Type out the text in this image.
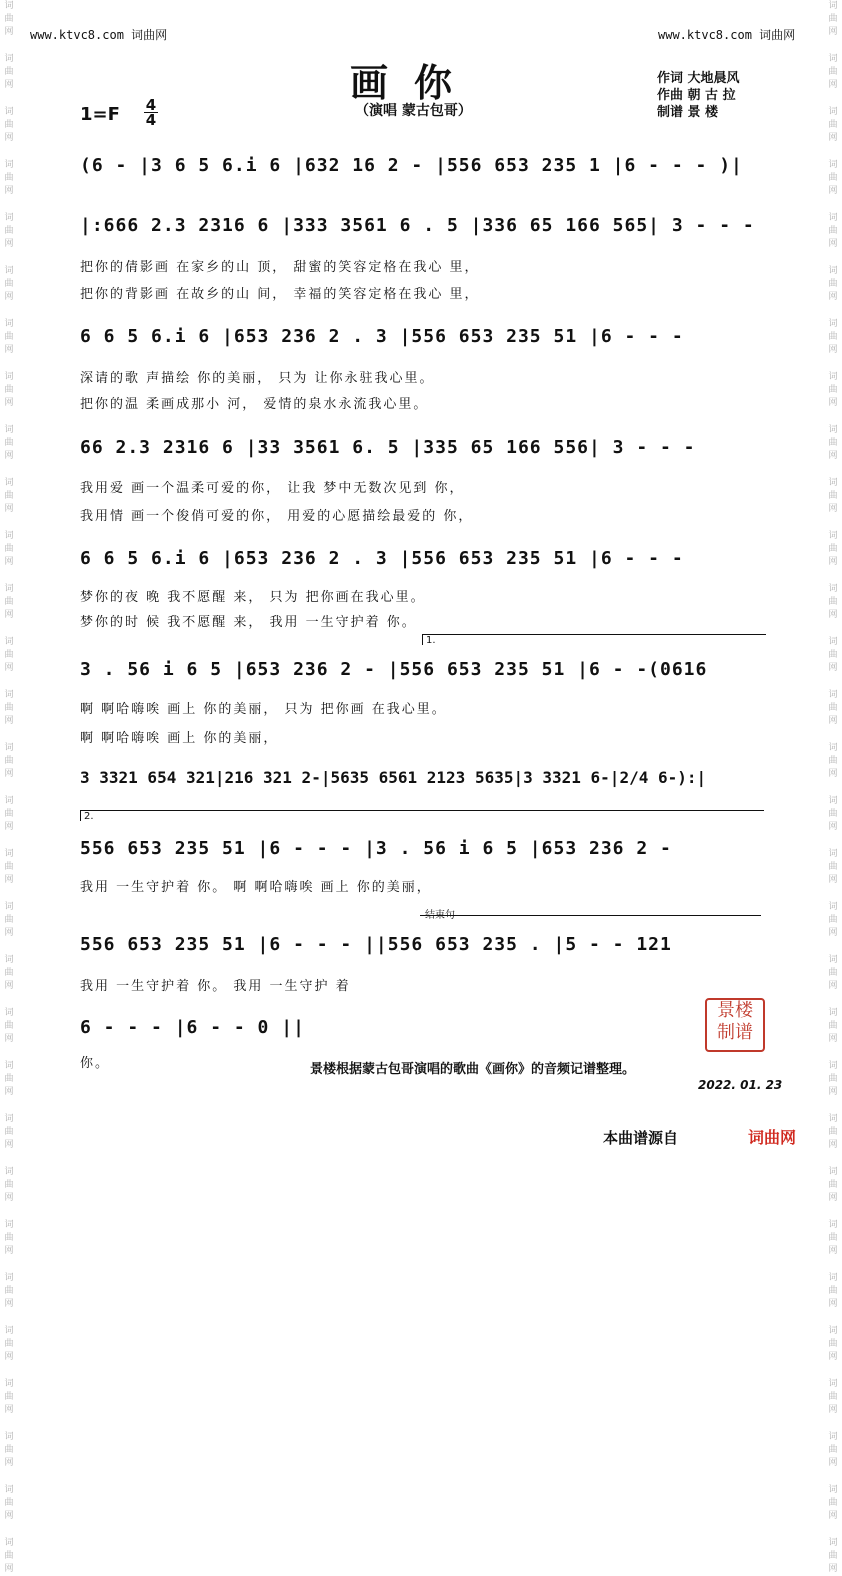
词
曲
网
词
曲
网
词
曲
网
词
曲
网
词
曲
网
词
曲
网
词
曲
网
词
曲
网
词
曲
网
词
曲
网
词
曲
网
词
曲
网
词
曲
网
词
曲
网
词
曲
网
词
曲
网
词
曲
网
词
曲
网
词
曲
网
词
曲
网
词
曲
网
词
曲
网
词
曲
网
词
曲
网
词
曲
网
词
曲
网
词
曲
网
词
曲
网
词
曲
网
词
曲
网
词
曲
网
词
曲
网
词
曲
网
词
曲
网
词
曲
网
词
曲
网
词
曲
网
词
曲
网
词
曲
网
词
曲
网
词
曲
网
词
曲
网
词
曲
网
词
曲
网
词
曲
网
词
曲
网
词
曲
网
词
曲
网
词
曲
网
词
曲
网
词
曲
网
词
曲
网
词
曲
网
词
曲
网
词
曲
网
词
曲
网
词
曲
网
词
曲
网
词
曲
网
词
曲
网
www.ktvc8.com 词曲网	www.ktvc8.com 词曲网
画你
（演唱 蒙古包哥）
作词 大地晨风
作曲 朝 古 拉
制谱 景 楼
1=F 4
4
(6 - |3 6 5 6.i 6 |632 16 2 - |556 653 235 1 |6 - - - )|
|:666 2.3 2316 6 |333 3561 6 . 5 |336 65 166 565| 3 - - -
把你的倩影画 在家乡的山 顶， 甜蜜的笑容定格在我心 里，
把你的背影画 在故乡的山 间， 幸福的笑容定格在我心 里，
6 6 5 6.i 6 |653 236 2 . 3 |556 653 235 51 |6 - - -
深请的歌 声描绘 你的美丽， 只为 让你永驻我心里。
把你的温 柔画成那小 河， 爱情的泉水永流我心里。
66 2.3 2316 6 |33 3561 6. 5 |335 65 166 556| 3 - - -
我用爱 画一个温柔可爱的你， 让我 梦中无数次见到 你，
我用情 画一个俊俏可爱的你， 用爱的心愿描绘最爱的 你，
6 6 5 6.i 6 |653 236 2 . 3 |556 653 235 51 |6 - - -
梦你的夜 晚 我不愿醒 来， 只为 把你画在我心里。
梦你的时 候 我不愿醒 来， 我用 一生守护着 你。
1.
3 . 56 i 6 5 |653 236 2 - |556 653 235 51 |6 - -(0616
啊 啊哈嗨唉 画上 你的美丽， 只为 把你画 在我心里。
啊 啊哈嗨唉 画上 你的美丽，
3 3321 654 321|216 321 2-|5635 6561 2123 5635|3 3321 6-|2/4 6-):|
2.
556 653 235 51 |6 - - - |3 . 56 i 6 5 |653 236 2 -
我用 一生守护着 你。 啊 啊哈嗨唉 画上 你的美丽，
结束句
556 653 235 51 |6 - - - ||556 653 235 . |5 - - 121
我用 一生守护着 你。 我用 一生守护 着
6 - - - |6 - - 0 ||
你。
景楼
制谱
景楼根据蒙古包哥演唱的歌曲《画你》的音频记谱整理。
2022. 01. 23
本曲谱源自	词曲网
